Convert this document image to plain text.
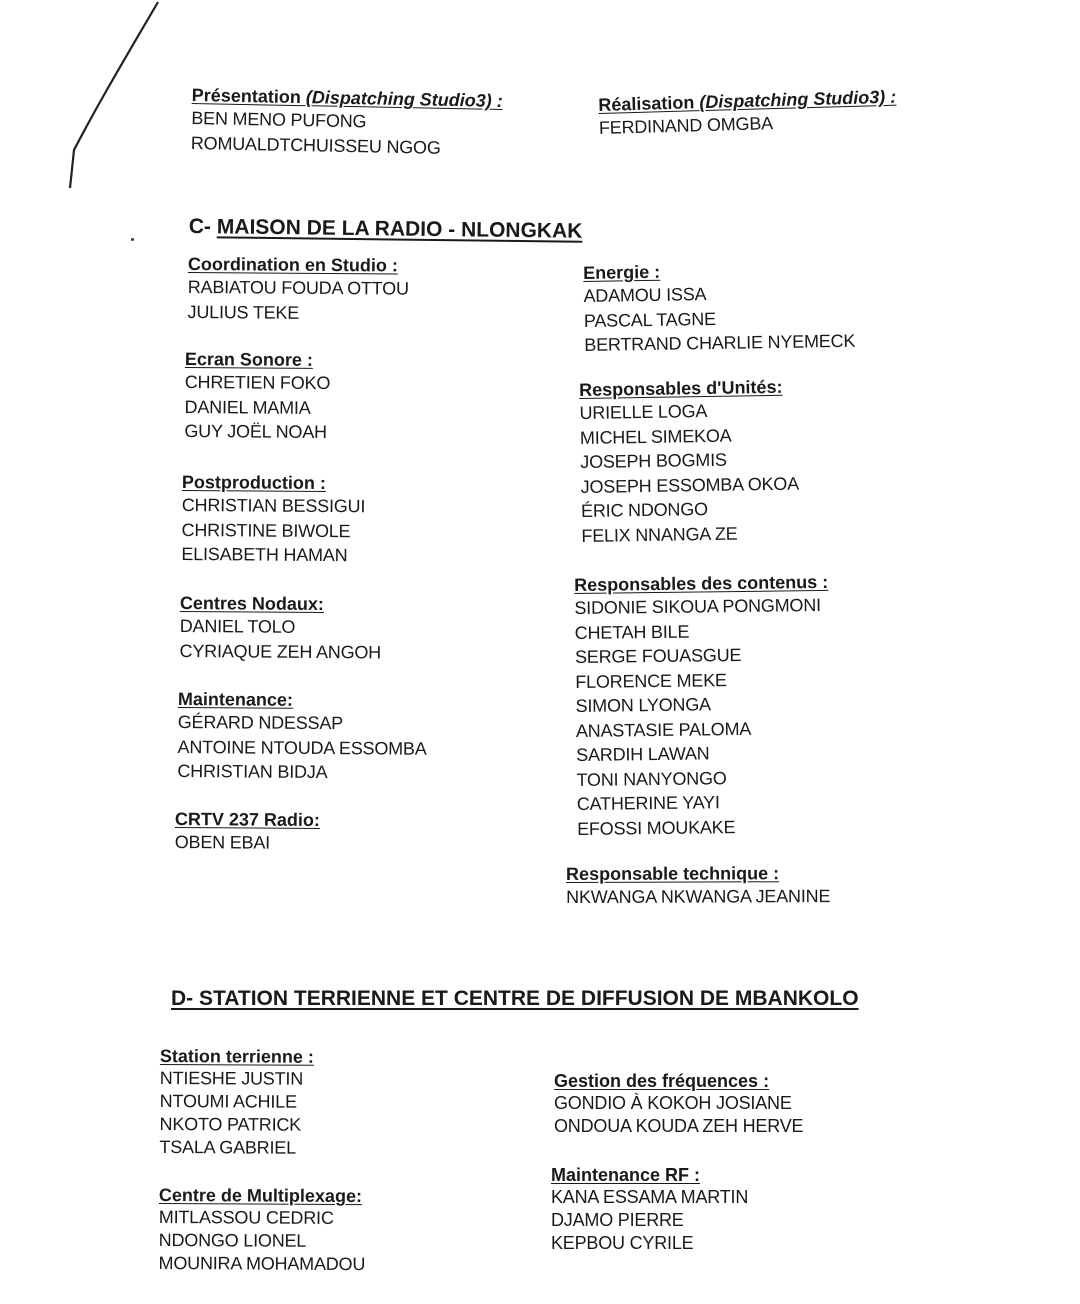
Présentation (Dispatching Studio3) :
BEN MENO PUFONG
ROMUALDTCHUISSEU NGOG
Réalisation (Dispatching Studio3) :
FERDINAND OMGBA
C- MAISON DE LA RADIO - NLONGKAK
Coordination en Studio :
RABIATOU FOUDA OTTOU
JULIUS TEKE
Ecran Sonore :
CHRETIEN FOKO
DANIEL MAMIA
GUY JOËL NOAH
Postproduction :
CHRISTIAN BESSIGUI
CHRISTINE BIWOLE
ELISABETH HAMAN
Centres Nodaux:
DANIEL TOLO
CYRIAQUE ZEH ANGOH
Maintenance:
GÉRARD NDESSAP
ANTOINE NTOUDA ESSOMBA
CHRISTIAN BIDJA
CRTV 237 Radio:
OBEN EBAI
Energie :
ADAMOU ISSA
PASCAL TAGNE
BERTRAND CHARLIE NYEMECK
Responsables d'Unités:
URIELLE LOGA
MICHEL SIMEKOA
JOSEPH BOGMIS
JOSEPH ESSOMBA OKOA
ÉRIC NDONGO
FELIX NNANGA ZE
Responsables des contenus :
SIDONIE SIKOUA PONGMONI
CHETAH BILE
SERGE FOUASGUE
FLORENCE MEKE
SIMON LYONGA
ANASTASIE PALOMA
SARDIH LAWAN
TONI NANYONGO
CATHERINE YAYI
EFOSSI MOUKAKE
Responsable technique :
NKWANGA NKWANGA JEANINE
D- STATION TERRIENNE ET CENTRE DE DIFFUSION DE MBANKOLO
Station terrienne :
NTIESHE JUSTIN
NTOUMI ACHILE
NKOTO PATRICK
TSALA GABRIEL
Centre de Multiplexage:
MITLASSOU CEDRIC
NDONGO LIONEL
MOUNIRA MOHAMADOU
Gestion des fréquences :
GONDIO À KOKOH JOSIANE
ONDOUA KOUDA ZEH HERVE
Maintenance RF :
KANA ESSAMA MARTIN
DJAMO PIERRE
KEPBOU CYRILE
